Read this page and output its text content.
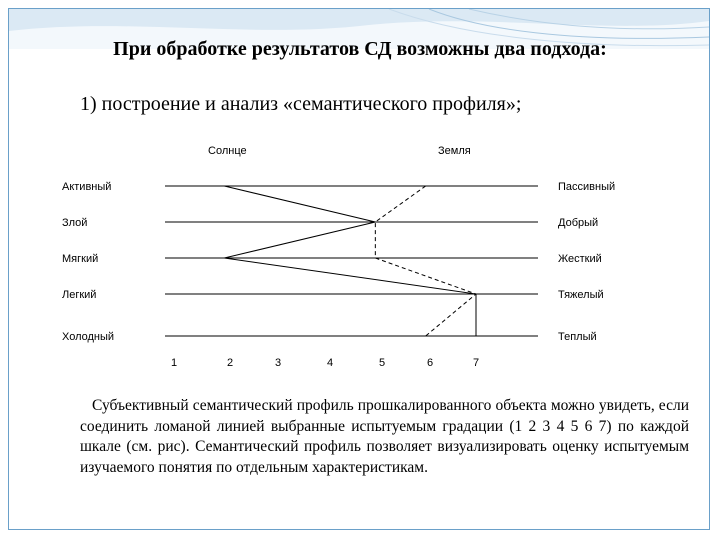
При обработке результатов СД возможны два подхода:
1) построение и анализ «семантического профиля»;
Солнце	Земля
Активный	Пассивный
Злой	Добрый
Мягкий	Жесткий
Легкий	Тяжелый
Холодный	Теплый
1	2	3	4	5	6	7
Субъективный семантический профиль прошкалированного объекта можно увидеть, если соединить ломаной линией выбранные испытуемым градации (1 2 3 4 5 6 7) по каждой шкале (см. рис). Семантический профиль позволяет визуализировать оценку испытуемым изучаемого понятия по отдельным характеристикам.
